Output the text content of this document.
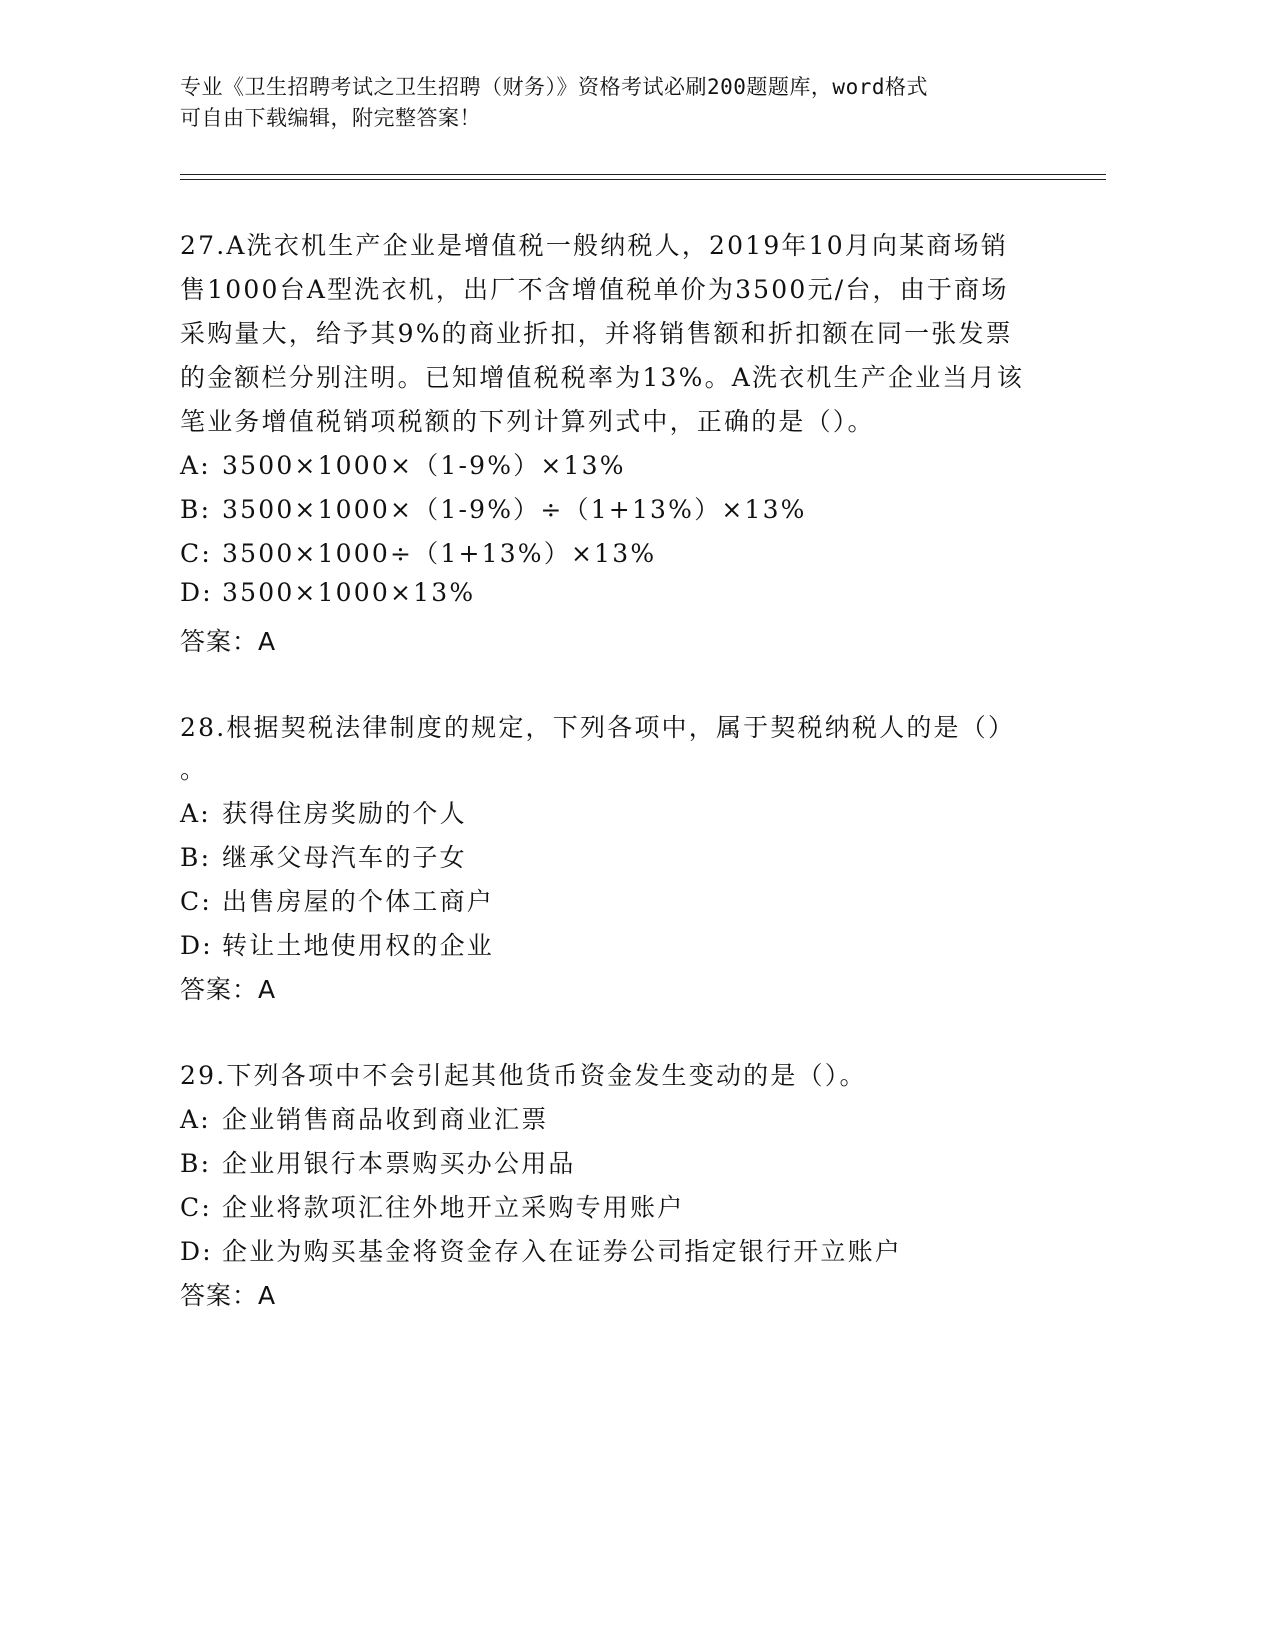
专业《卫生招聘考试之卫生招聘（财务）》资格考试必刷200题题库，word格式
可自由下载编辑，附完整答案！
27.A洗衣机生产企业是增值税一般纳税人，2019年10月向某商场销
售1000台A型洗衣机，出厂不含增值税单价为3500元/台，由于商场
采购量大，给予其9%的商业折扣，并将销售额和折扣额在同一张发票
的金额栏分别注明。已知增值税税率为13%。A洗衣机生产企业当月该
笔业务增值税销项税额的下列计算列式中，正确的是（）。
A: 3500×1000×（1-9%）×13%
B: 3500×1000×（1-9%）÷（1+13%）×13%
C: 3500×1000÷（1+13%）×13%
D: 3500×1000×13%
答案：A
28.根据契税法律制度的规定，下列各项中，属于契税纳税人的是（）
。
A: 获得住房奖励的个人
B: 继承父母汽车的子女
C: 出售房屋的个体工商户
D: 转让土地使用权的企业
答案：A
29.下列各项中不会引起其他货币资金发生变动的是（）。
A: 企业销售商品收到商业汇票
B: 企业用银行本票购买办公用品
C: 企业将款项汇往外地开立采购专用账户
D: 企业为购买基金将资金存入在证券公司指定银行开立账户
答案：A
